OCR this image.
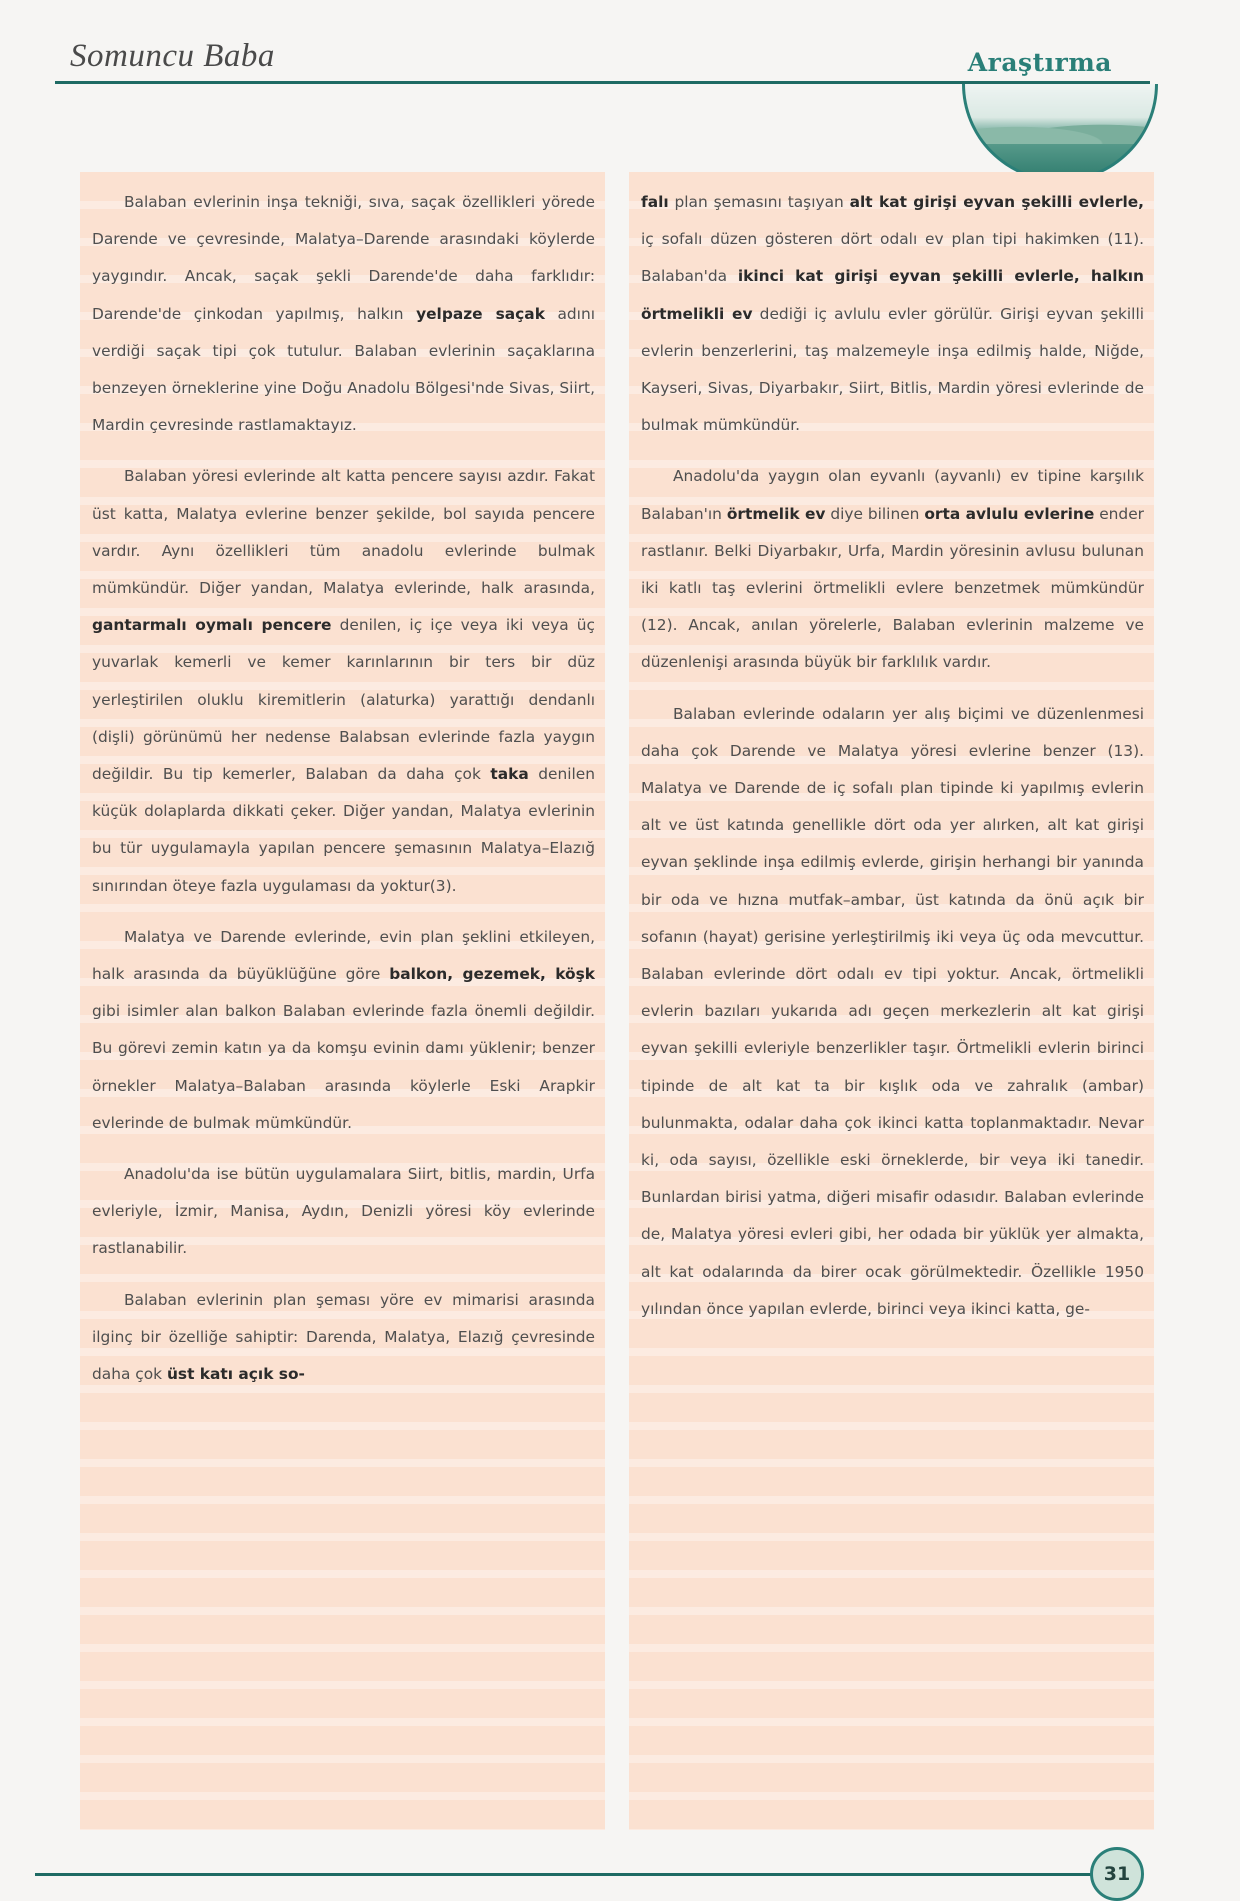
Somuncu Baba	Araştırma

Balaban evlerinin inşa tekniği, sıva, saçak özellikleri yörede Darende ve çevresinde, Malatya–Darende arasındaki köylerde yaygındır. Ancak, saçak şekli Darende'de daha farklıdır: Darende'de çinkodan yapılmış, halkın yelpaze saçak adını verdiği saçak tipi çok tutulur. Balaban evlerinin saçaklarına benzeyen örneklerine yine Doğu Anadolu Bölgesi'nde Sivas, Siirt, Mardin çevresinde rastlamaktayız.

Balaban yöresi evlerinde alt katta pencere sayısı azdır. Fakat üst katta, Malatya evlerine benzer şekilde, bol sayıda pencere vardır. Aynı özellikleri tüm anadolu evlerinde bulmak mümkündür. Diğer yandan, Malatya evlerinde, halk arasında, gantarmalı oymalı pencere denilen, iç içe veya iki veya üç yuvarlak kemerli ve kemer karınlarının bir ters bir düz yerleştirilen oluklu kiremitlerin (alaturka) yarattığı dendanlı (dişli) görünümü her nedense Balabsan evlerinde fazla yaygın değildir. Bu tip kemerler, Balaban da daha çok taka denilen küçük dolaplarda dikkati çeker. Diğer yandan, Malatya evlerinin bu tür uygulamayla yapılan pencere şemasının Malatya–Elazığ sınırından öteye fazla uygulaması da yoktur(3).

Malatya ve Darende evlerinde, evin plan şeklini etkileyen, halk arasında da büyüklüğüne göre balkon, gezemek, köşk gibi isimler alan balkon Balaban evlerinde fazla önemli değildir. Bu görevi zemin katın ya da komşu evinin damı yüklenir; benzer örnekler Malatya–Balaban arasında köylerle Eski Arapkir evlerinde de bulmak mümkündür.

Anadolu'da ise bütün uygulamalara Siirt, bitlis, mardin, Urfa evleriyle, İzmir, Manisa, Aydın, Denizli yöresi köy evlerinde rastlanabilir.

Balaban evlerinin plan şeması yöre ev mimarisi arasında ilginç bir özelliğe sahiptir: Darenda, Malatya, Elazığ çevresinde daha çok üst katı açık so-

falı plan şemasını taşıyan alt kat girişi eyvan şekilli evlerle, iç sofalı düzen gösteren dört odalı ev plan tipi hakimken (11). Balaban'da ikinci kat girişi eyvan şekilli evlerle, halkın örtmelikli ev dediği iç avlulu evler görülür. Girişi eyvan şekilli evlerin benzerlerini, taş malzemeyle inşa edilmiş halde, Niğde, Kayseri, Sivas, Diyarbakır, Siirt, Bitlis, Mardin yöresi evlerinde de bulmak mümkündür.

Anadolu'da yaygın olan eyvanlı (ayvanlı) ev tipine karşılık Balaban'ın örtmelik ev diye bilinen orta avlulu evlerine ender rastlanır. Belki Diyarbakır, Urfa, Mardin yöresinin avlusu bulunan iki katlı taş evlerini örtmelikli evlere benzetmek mümkündür (12). Ancak, anılan yörelerle, Balaban evlerinin malzeme ve düzenlenişi arasında büyük bir farklılık vardır.

Balaban evlerinde odaların yer alış biçimi ve düzenlenmesi daha çok Darende ve Malatya yöresi evlerine benzer (13). Malatya ve Darende de iç sofalı plan tipinde ki yapılmış evlerin alt ve üst katında genellikle dört oda yer alırken, alt kat girişi eyvan şeklinde inşa edilmiş evlerde, girişin herhangi bir yanında bir oda ve hızna mutfak–ambar, üst katında da önü açık bir sofanın (hayat) gerisine yerleştirilmiş iki veya üç oda mevcuttur. Balaban evlerinde dört odalı ev tipi yoktur. Ancak, örtmelikli evlerin bazıları yukarıda adı geçen merkezlerin alt kat girişi eyvan şekilli evleriyle benzerlikler taşır. Örtmelikli evlerin birinci tipinde de alt kat ta bir kışlık oda ve zahralık (ambar) bulunmakta, odalar daha çok ikinci katta toplanmaktadır. Nevar ki, oda sayısı, özellikle eski örneklerde, bir veya iki tanedir. Bunlardan birisi yatma, diğeri misafir odasıdır. Balaban evlerinde de, Malatya yöresi evleri gibi, her odada bir yüklük yer almakta, alt kat odalarında da birer ocak görülmektedir. Özellikle 1950 yılından önce yapılan evlerde, birinci veya ikinci katta, ge-

31
